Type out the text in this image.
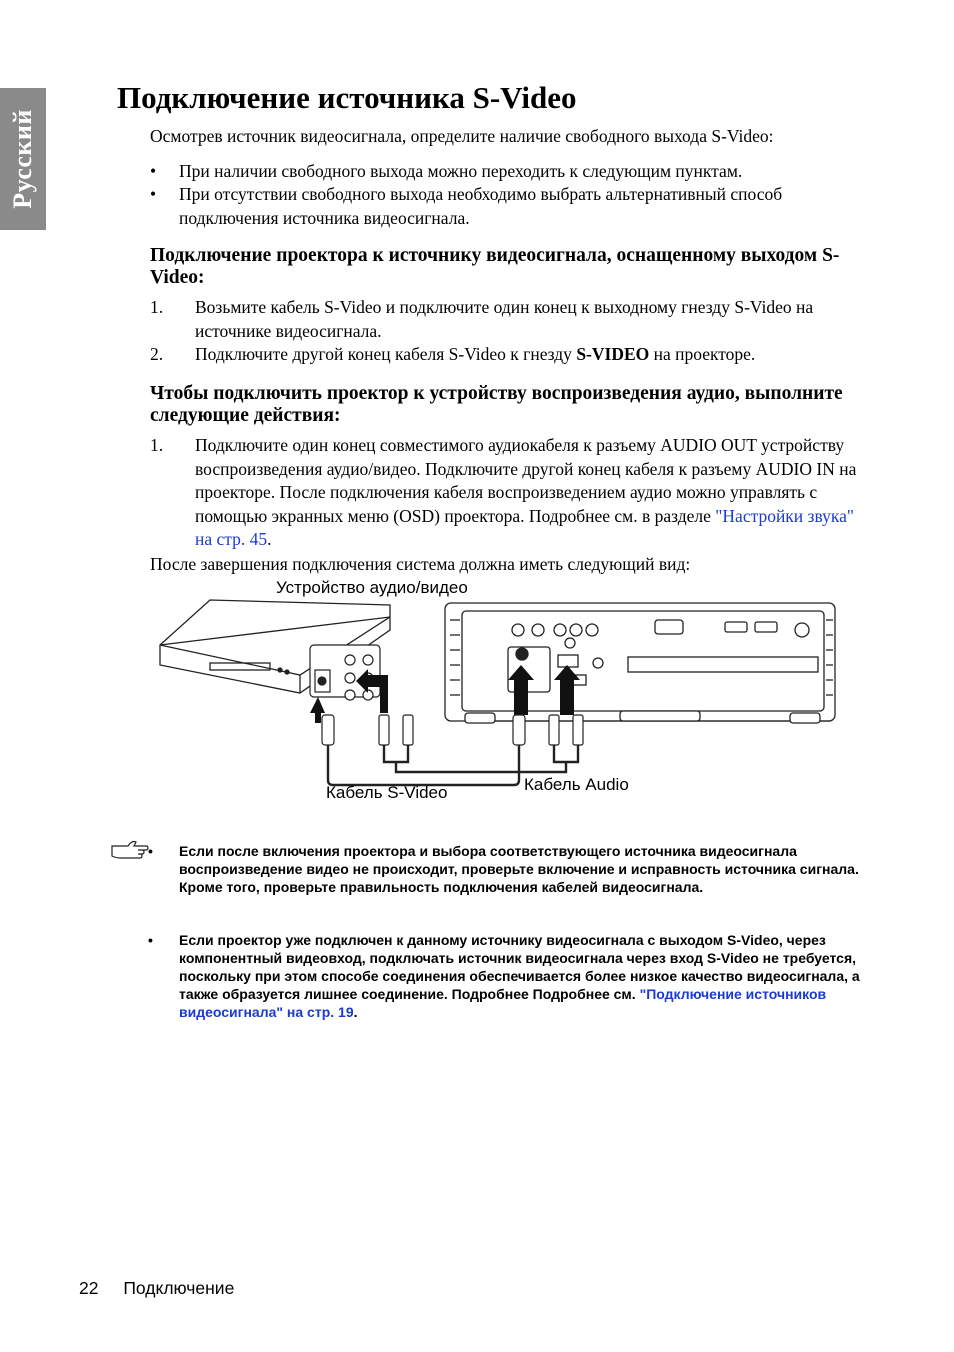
Русский
Подключение источника S-Video

Осмотрев источник видеосигнала, определите наличие свободного выхода S-Video:

• При наличии свободного выхода можно переходить к следующим пунктам.
• При отсутствии свободного выхода необходимо выбрать альтернативный способ подключения источника видеосигнала.
Подключение проектора к источнику видеосигнала, оснащенному выходом S-Video:
1. Возьмите кабель S-Video и подключите один конец к выходному гнезду S-Video на источнике видеосигнала.
2. Подключите другой конец кабеля S-Video к гнезду S-VIDEO на проекторе.
Чтобы подключить проектор к устройству воспроизведения аудио, выполните следующие действия:
1. Подключите один конец совместимого аудиокабеля к разъему AUDIO OUT устройству воспроизведения аудио/видео. Подключите другой конец кабеля к разъему AUDIO IN на проекторе. После подключения кабеля воспроизведением аудио можно управлять с помощью экранных меню (OSD) проектора. Подробнее см. в разделе "Настройки звука" на стр. 45.

После завершения подключения система должна иметь следующий вид:

Устройство аудио/видео
Кабель S-Video	Кабель Audio
• Если после включения проектора и выбора соответствующего источника видеосигнала воспроизведение видео не происходит, проверьте включение и исправность источника сигнала. Кроме того, проверьте правильность подключения кабелей видеосигнала.
• Если проектор уже подключен к данному источнику видеосигнала с выходом S-Video, через компонентный видеовход, подключать источник видеосигнала через вход S-Video не требуется, поскольку при этом способе соединения обеспечивается более низкое качество видеосигнала, а также образуется лишнее соединение. Подробнее Подробнее см. "Подключение источников видеосигнала" на стр. 19.
22 Подключение
